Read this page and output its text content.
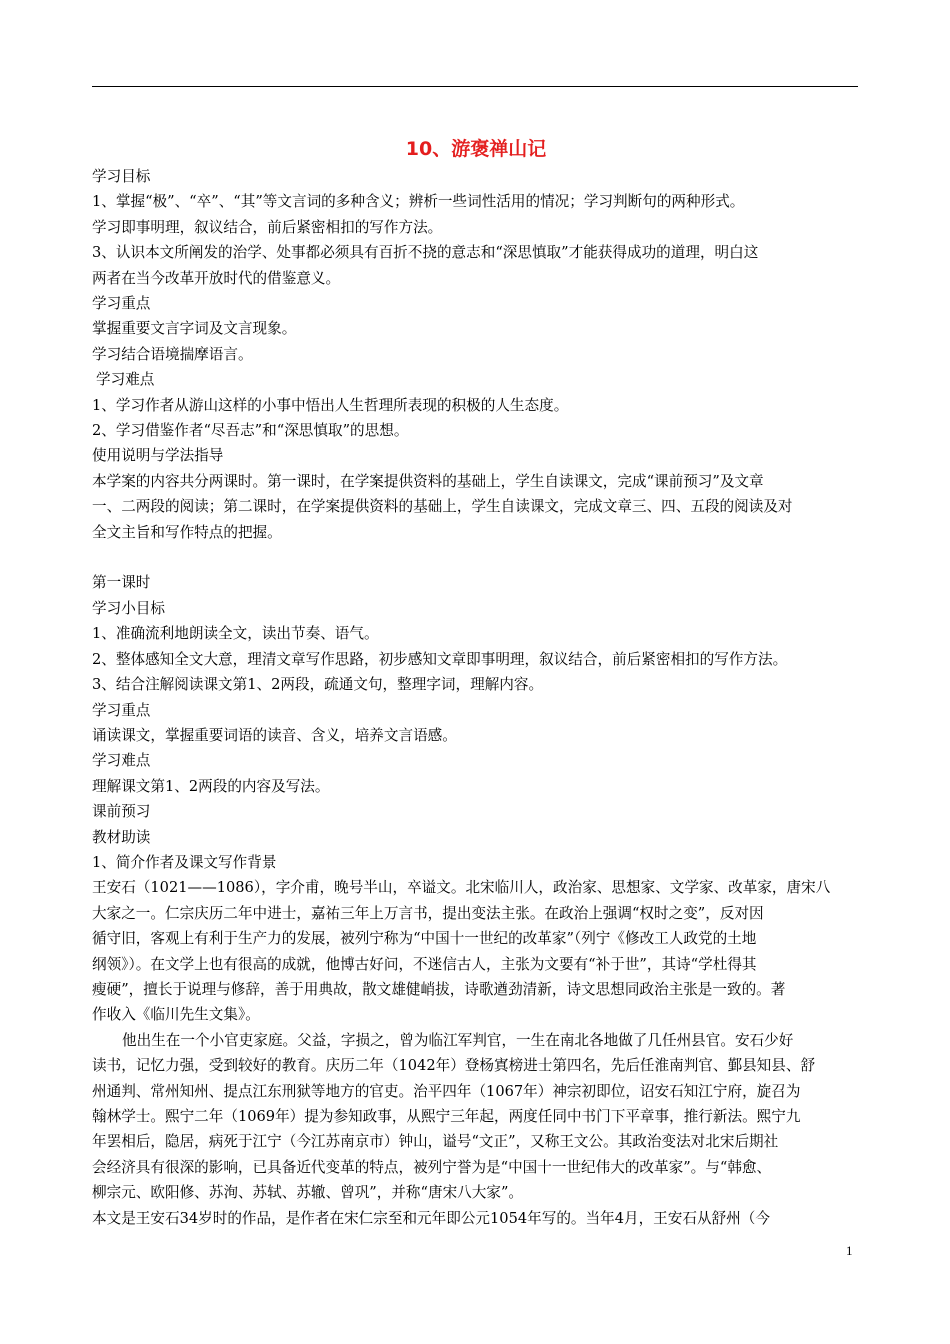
10、游褒禅山记

学习目标

1、掌握“极”、“卒”、“其”等文言词的多种含义；辨析一些词性活用的情况；学习判断句的两种形式。

学习即事明理，叙议结合，前后紧密相扣的写作方法。

3、认识本文所阐发的治学、处事都必须具有百折不挠的意志和“深思慎取”才能获得成功的道理，明白这

两者在当今改革开放时代的借鉴意义。

学习重点

掌握重要文言字词及文言现象。

学习结合语境揣摩语言。

学习难点

1、学习作者从游山这样的小事中悟出人生哲理所表现的积极的人生态度。

2、学习借鉴作者“尽吾志”和“深思慎取”的思想。

使用说明与学法指导

本学案的内容共分两课时。第一课时，在学案提供资料的基础上，学生自读课文，完成“课前预习”及文章

一、二两段的阅读；第二课时，在学案提供资料的基础上，学生自读课文，完成文章三、四、五段的阅读及对

全文主旨和写作特点的把握。

第一课时

学习小目标

1、准确流利地朗读全文，读出节奏、语气。

2、整体感知全文大意，理清文章写作思路，初步感知文章即事明理，叙议结合，前后紧密相扣的写作方法。

3、结合注解阅读课文第1、2两段，疏通文句，整理字词，理解内容。

学习重点

诵读课文，掌握重要词语的读音、含义，培养文言语感。

学习难点

理解课文第1、2两段的内容及写法。

课前预习

教材助读

1、简介作者及课文写作背景

王安石（1021——1086），字介甫，晚号半山，卒谥文。北宋临川人，政治家、思想家、文学家、改革家，唐宋八

大家之一。仁宗庆历二年中进士，嘉祐三年上万言书，提出变法主张。在政治上强调“权时之变”，反对因

循守旧，客观上有利于生产力的发展，被列宁称为“中国十一世纪的改革家”（列宁《修改工人政党的土地

纲领》）。在文学上也有很高的成就，他博古好问，不迷信古人，主张为文要有“补于世”，其诗“学杜得其

瘦硬”，擅长于说理与修辞，善于用典故，散文雄健峭拔，诗歌遒劲清新，诗文思想同政治主张是一致的。著

作收入《临川先生文集》。

他出生在一个小官吏家庭。父益，字损之，曾为临江军判官，一生在南北各地做了几任州县官。安石少好

读书，记忆力强，受到较好的教育。庆历二年（1042年）登杨寘榜进士第四名，先后任淮南判官、鄞县知县、舒

州通判、常州知州、提点江东刑狱等地方的官吏。治平四年（1067年）神宗初即位，诏安石知江宁府，旋召为

翰林学士。熙宁二年（1069年）提为参知政事，从熙宁三年起，两度任同中书门下平章事，推行新法。熙宁九

年罢相后，隐居，病死于江宁（今江苏南京市）钟山，谥号“文正”，又称王文公。其政治变法对北宋后期社

会经济具有很深的影响，已具备近代变革的特点，被列宁誉为是“中国十一世纪伟大的改革家”。与“韩愈、

柳宗元、欧阳修、苏洵、苏轼、苏辙、曾巩”，并称“唐宋八大家”。

本文是王安石34岁时的作品，是作者在宋仁宗至和元年即公元1054年写的。当年4月，王安石从舒州（今

1
